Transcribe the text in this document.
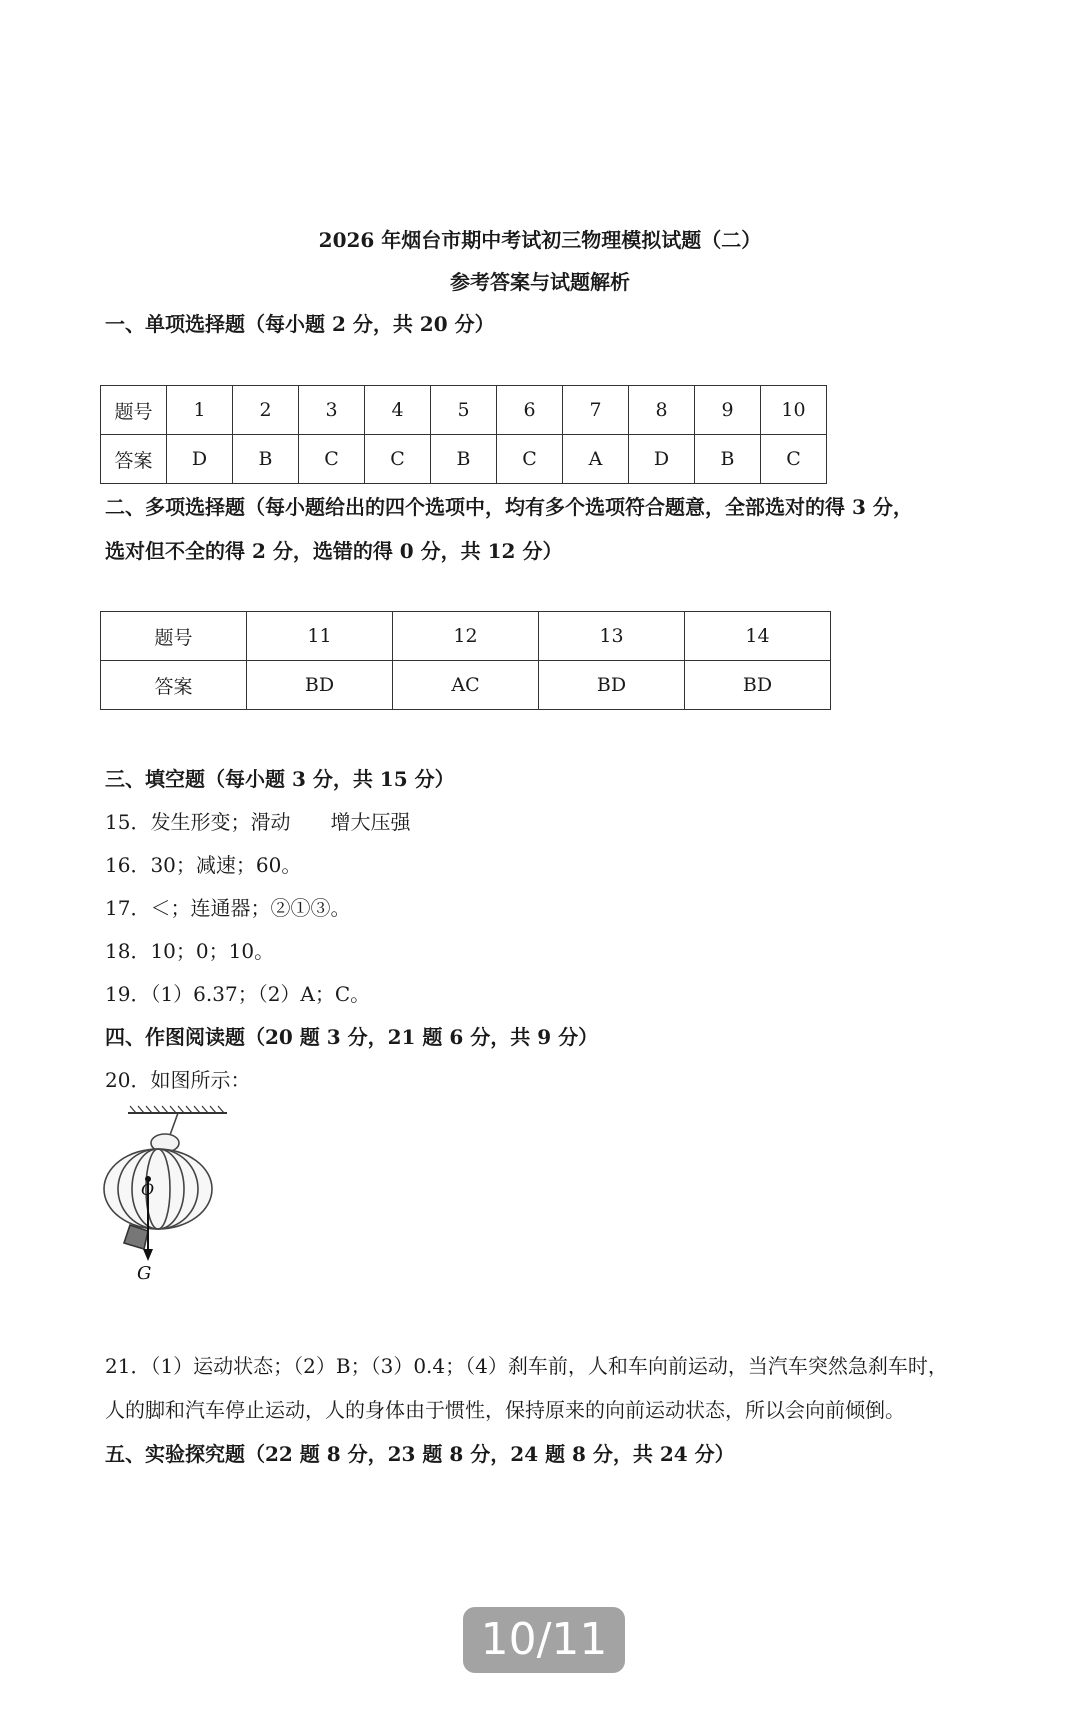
2026 年烟台市期中考试初三物理模拟试题（二）
参考答案与试题解析
一、单项选择题（每小题 2 分，共 20 分）
题号	1	2	3	4	5	6	7	8	9	10
答案	D	B	C	C	B	C	A	D	B	C
二、多项选择题（每小题给出的四个选项中，均有多个选项符合题意，全部选对的得 3 分，
选对但不全的得 2 分，选错的得 0 分，共 12 分）
题号	11	12	13	14
答案	BD	AC	BD	BD
三、填空题（每小题 3 分，共 15 分）
15．发生形变；滑动　　增大压强
16．30；减速；60。
17．＜；连通器；②①③。
18．10；0；10。
19．（1）6.37；（2）A；C。
四、作图阅读题（20 题 3 分，21 题 6 分，共 9 分）
20．如图所示：
O
G
21．（1）运动状态；（2）B；（3）0.4；（4）刹车前，人和车向前运动，当汽车突然急刹车时，
人的脚和汽车停止运动，人的身体由于惯性，保持原来的向前运动状态，所以会向前倾倒。
五、实验探究题（22 题 8 分，23 题 8 分，24 题 8 分，共 24 分）
10/11
